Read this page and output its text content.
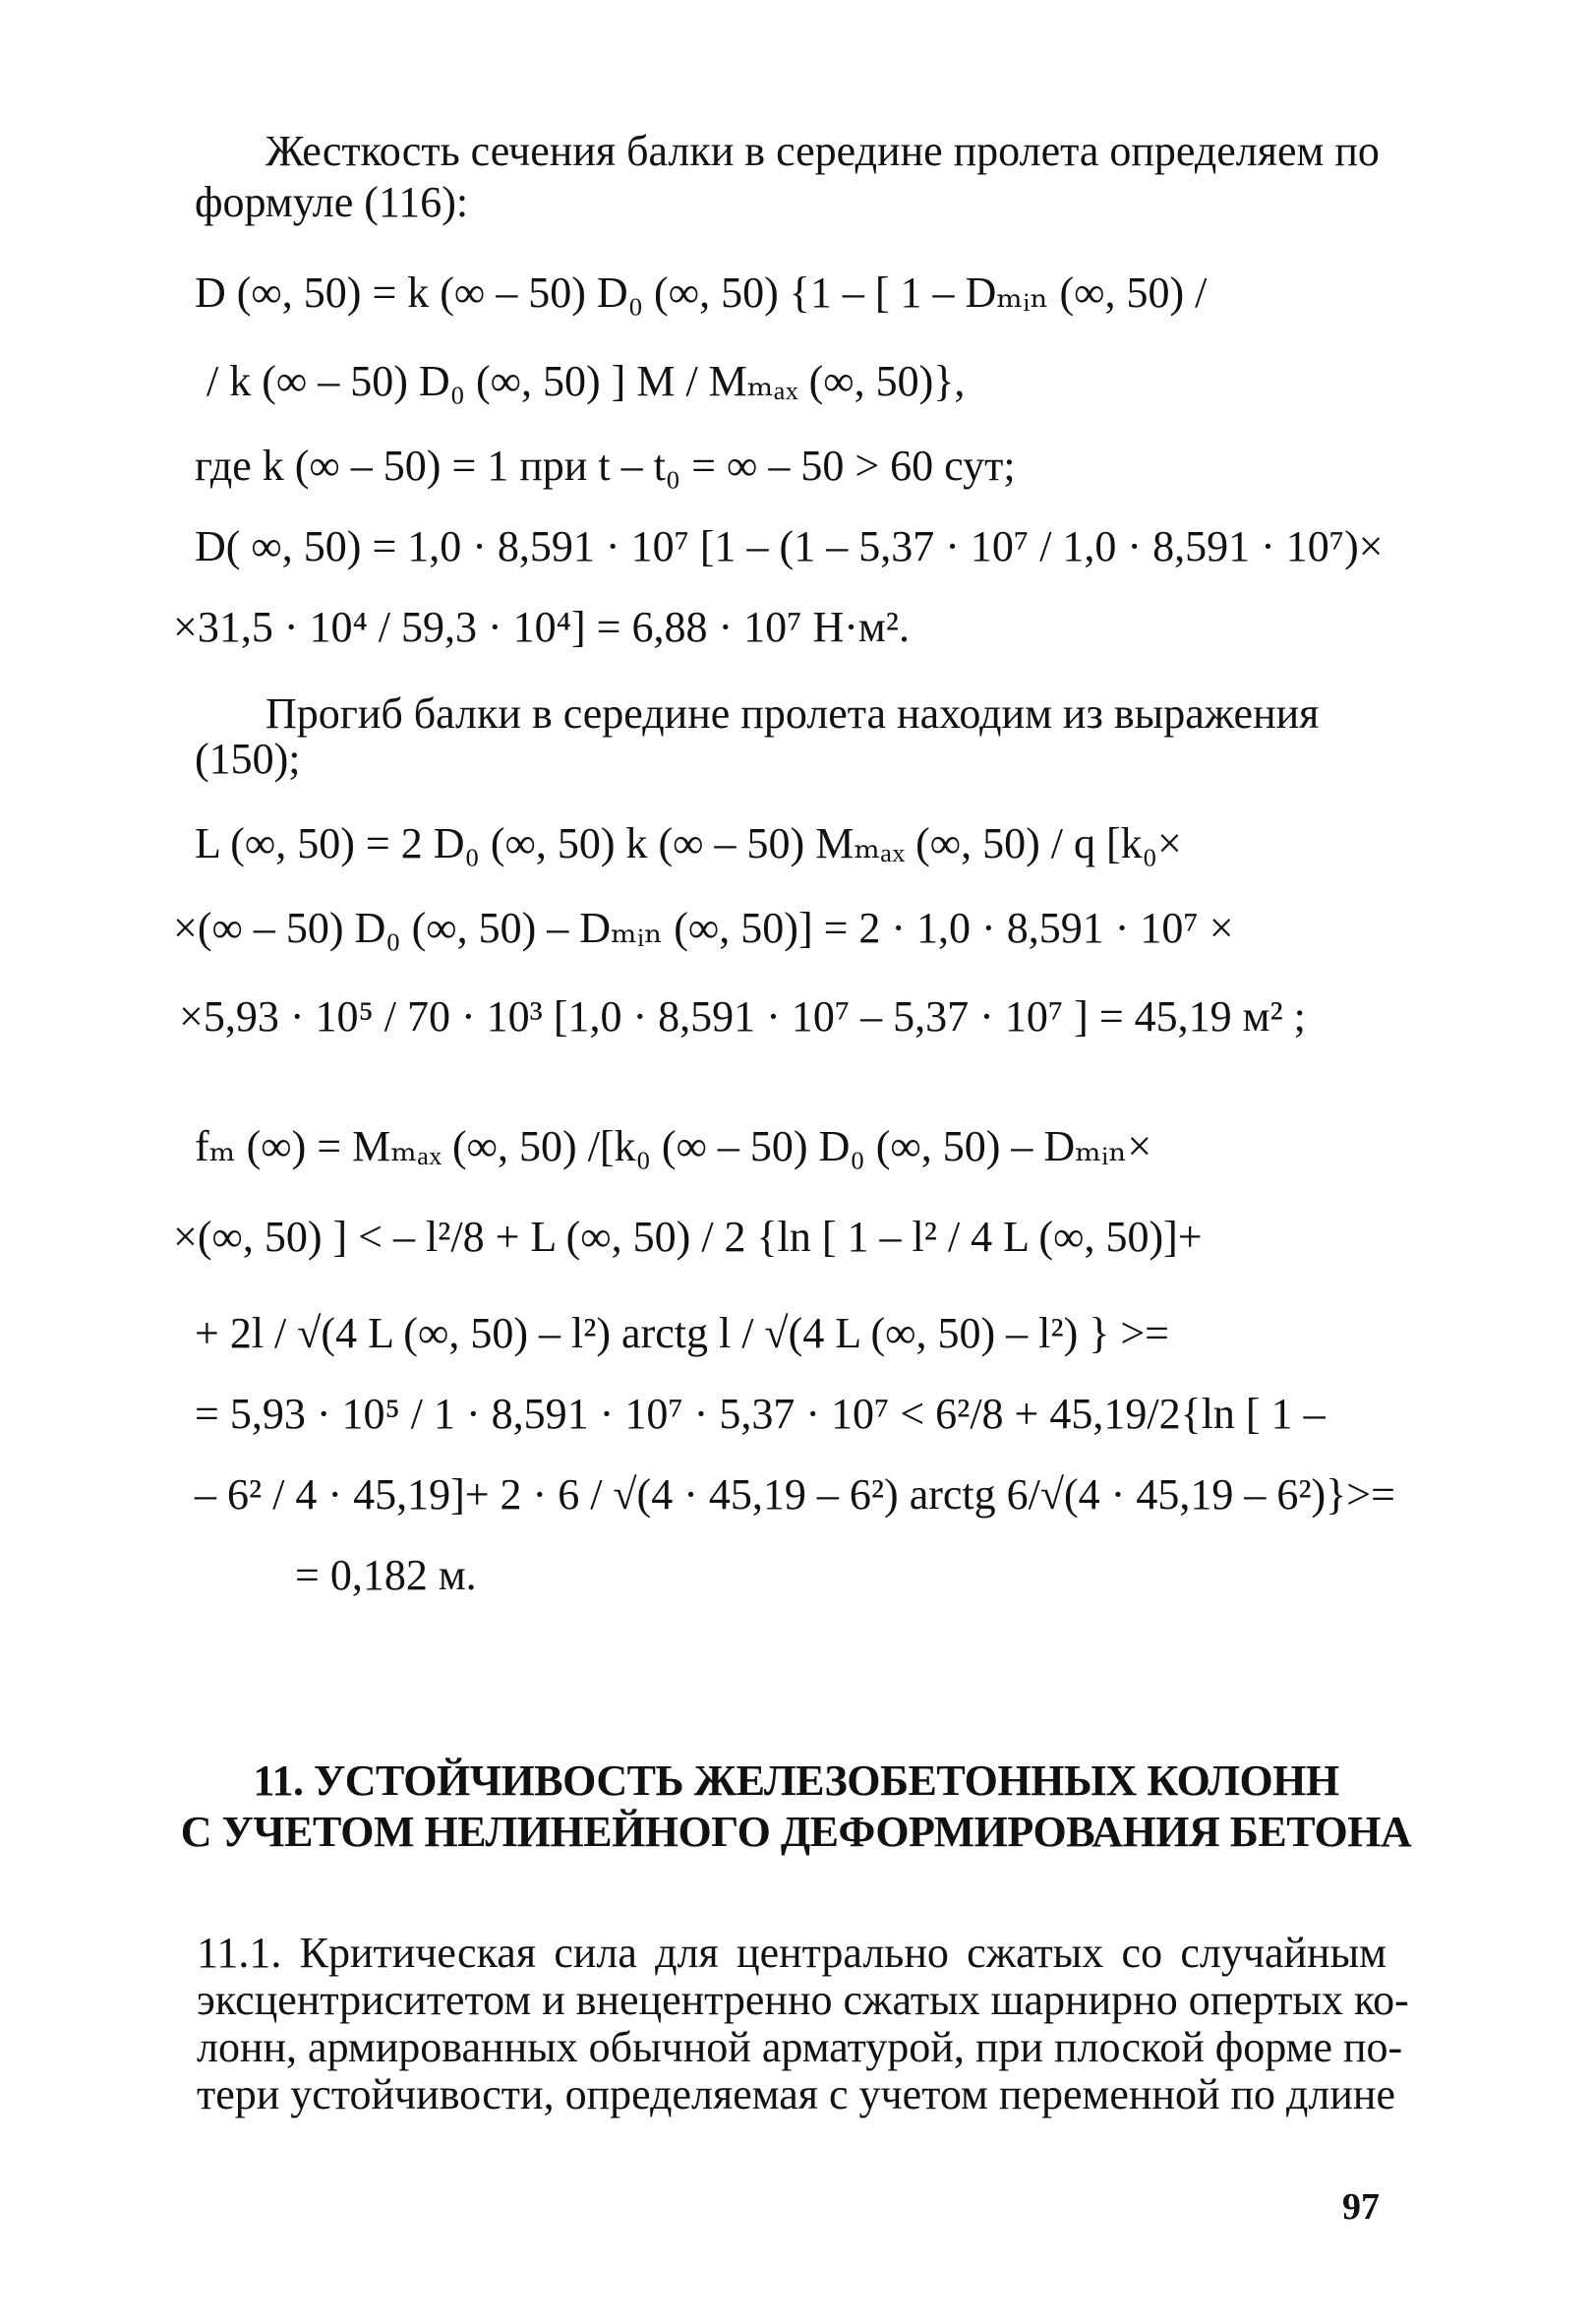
Жесткость сечения балки в середине пролета определяем по
формуле (116):
D (∞, 50) = k (∞ – 50) D₀ (∞, 50) {1 – [ 1 – Dₘᵢₙ (∞, 50) /
/ k (∞ – 50) D₀ (∞, 50) ] M / Mₘₐₓ (∞, 50)},
где k (∞ – 50) = 1 при t – t₀ = ∞ – 50 > 60 сут;
D( ∞, 50) = 1,0 · 8,591 · 10⁷ [1 – (1 – 5,37 · 10⁷ / 1,0 · 8,591 · 10⁷)×
×31,5 · 10⁴ / 59,3 · 10⁴] = 6,88 · 10⁷ Н·м².
Прогиб балки в середине пролета находим из выражения
(150);
L (∞, 50) = 2 D₀ (∞, 50) k (∞ – 50) Mₘₐₓ (∞, 50) / q [k₀×
×(∞ – 50) D₀ (∞, 50) – Dₘᵢₙ (∞, 50)] = 2 · 1,0 · 8,591 · 10⁷ ×
×5,93 · 10⁵ / 70 · 10³ [1,0 · 8,591 · 10⁷ – 5,37 · 10⁷ ] = 45,19 м² ;
fₘ (∞) = Mₘₐₓ (∞, 50) /[k₀ (∞ – 50) D₀ (∞, 50) – Dₘᵢₙ×
×(∞, 50) ] < – l²/8 + L (∞, 50) / 2 {ln [ 1 – l² / 4 L (∞, 50)]+
+ 2l / √(4 L (∞, 50) – l²) arctg l / √(4 L (∞, 50) – l²) } >=
= 5,93 · 10⁵ / 1 · 8,591 · 10⁷ · 5,37 · 10⁷ < 6²/8 + 45,19/2{ln [ 1 –
– 6² / 4 · 45,19]+ 2 · 6 / √(4 · 45,19 – 6²) arctg 6/√(4 · 45,19 – 6²)}>=
= 0,182 м.
11. УСТОЙЧИВОСТЬ ЖЕЛЕЗОБЕТОННЫХ КОЛОНН
С УЧЕТОМ НЕЛИНЕЙНОГО ДЕФОРМИРОВАНИЯ БЕТОНА
11.1. Критическая сила для центрально сжатых со случайным
эксцентриситетом и внецентренно сжатых шарнирно опертых ко-
лонн, армированных обычной арматурой, при плоской форме по-
тери устойчивости, определяемая с учетом переменной по длине
97
